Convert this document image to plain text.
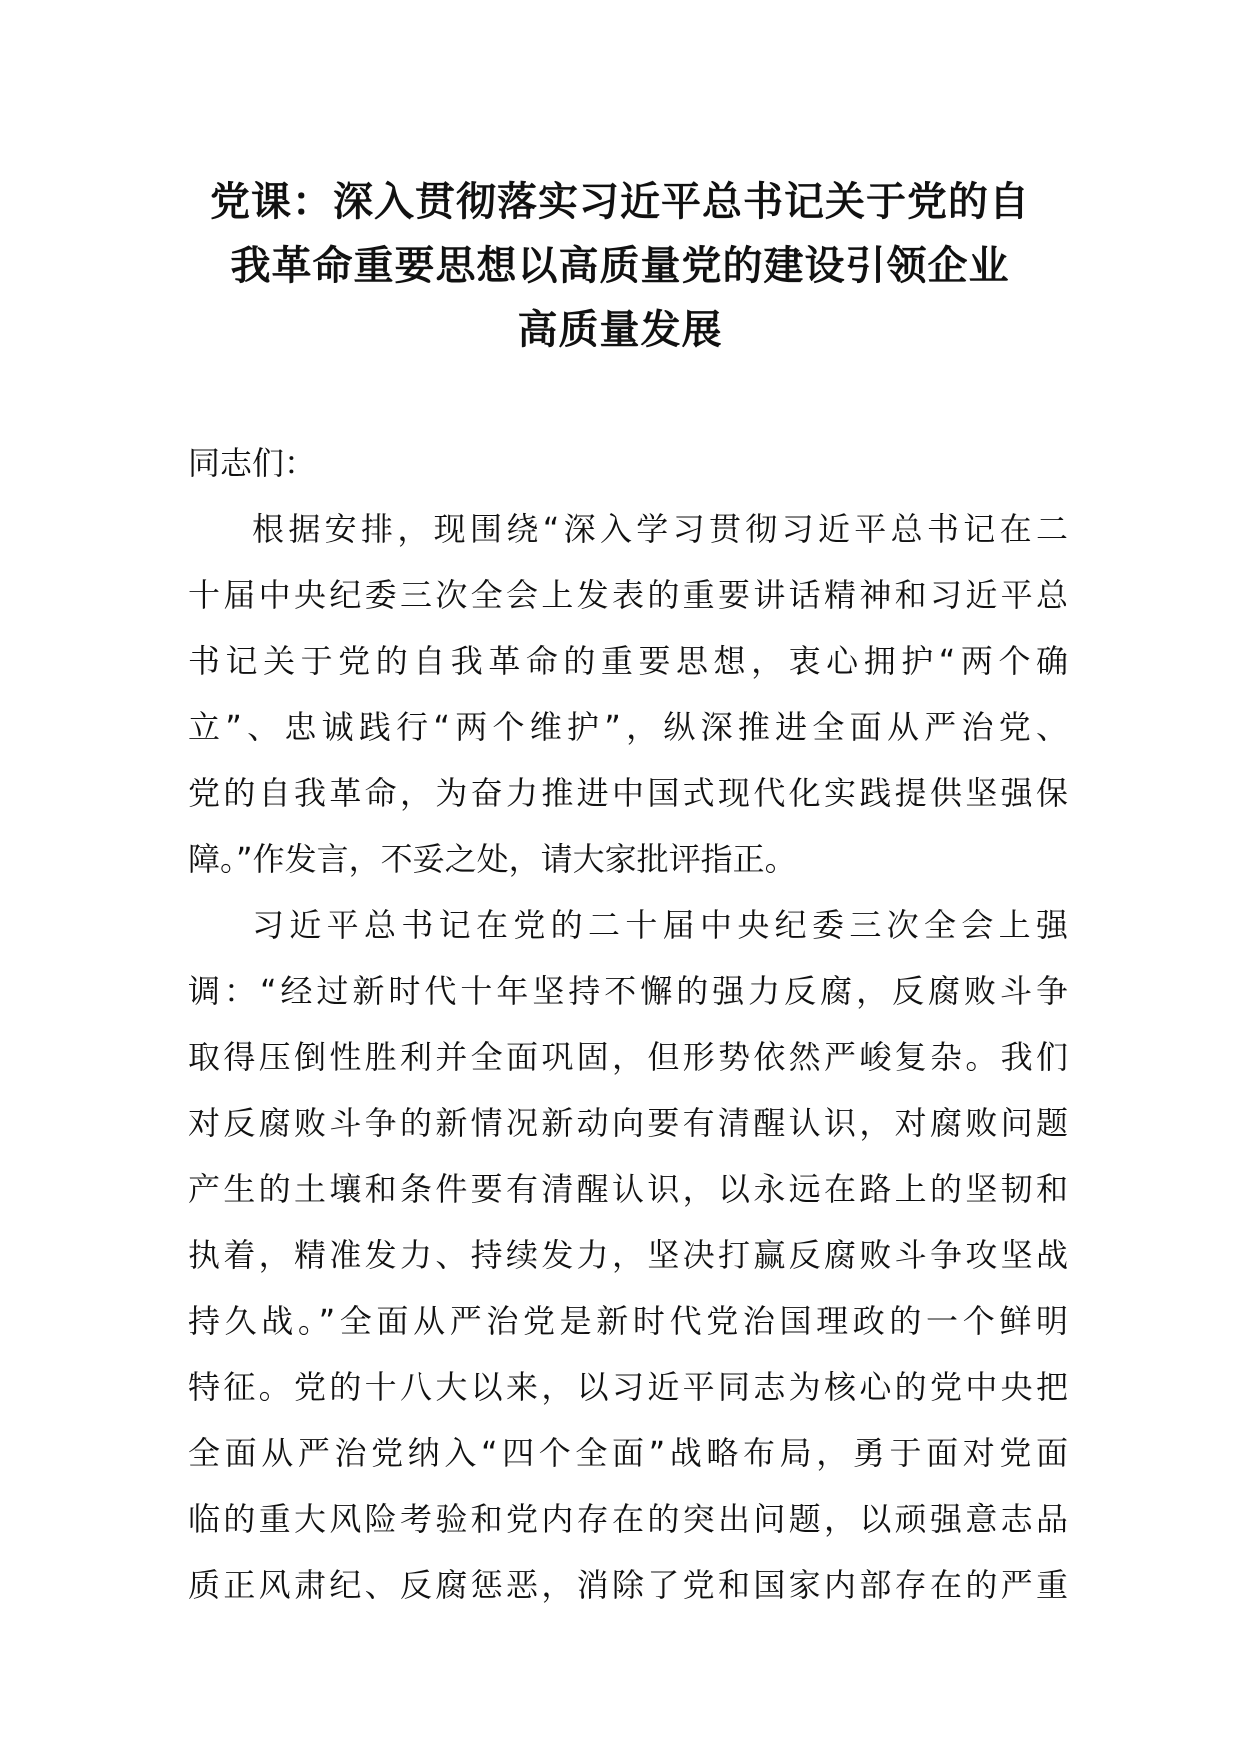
党课：深入贯彻落实习近平总书记关于党的自
我革命重要思想以高质量党的建设引领企业
高质量发展
同志们：
根据安排，现围绕“深入学习贯彻习近平总书记在二
十届中央纪委三次全会上发表的重要讲话精神和习近平总
书记关于党的自我革命的重要思想，衷心拥护“两个确
立”、忠诚践行“两个维护”，纵深推进全面从严治党、
党的自我革命，为奋力推进中国式现代化实践提供坚强保
障。”作发言，不妥之处，请大家批评指正。
习近平总书记在党的二十届中央纪委三次全会上强
调：“经过新时代十年坚持不懈的强力反腐，反腐败斗争
取得压倒性胜利并全面巩固，但形势依然严峻复杂。我们
对反腐败斗争的新情况新动向要有清醒认识，对腐败问题
产生的土壤和条件要有清醒认识，以永远在路上的坚韧和
执着，精准发力、持续发力，坚决打赢反腐败斗争攻坚战
持久战。”全面从严治党是新时代党治国理政的一个鲜明
特征。党的十八大以来，以习近平同志为核心的党中央把
全面从严治党纳入“四个全面”战略布局，勇于面对党面
临的重大风险考验和党内存在的突出问题，以顽强意志品
质正风肃纪、反腐惩恶，消除了党和国家内部存在的严重
